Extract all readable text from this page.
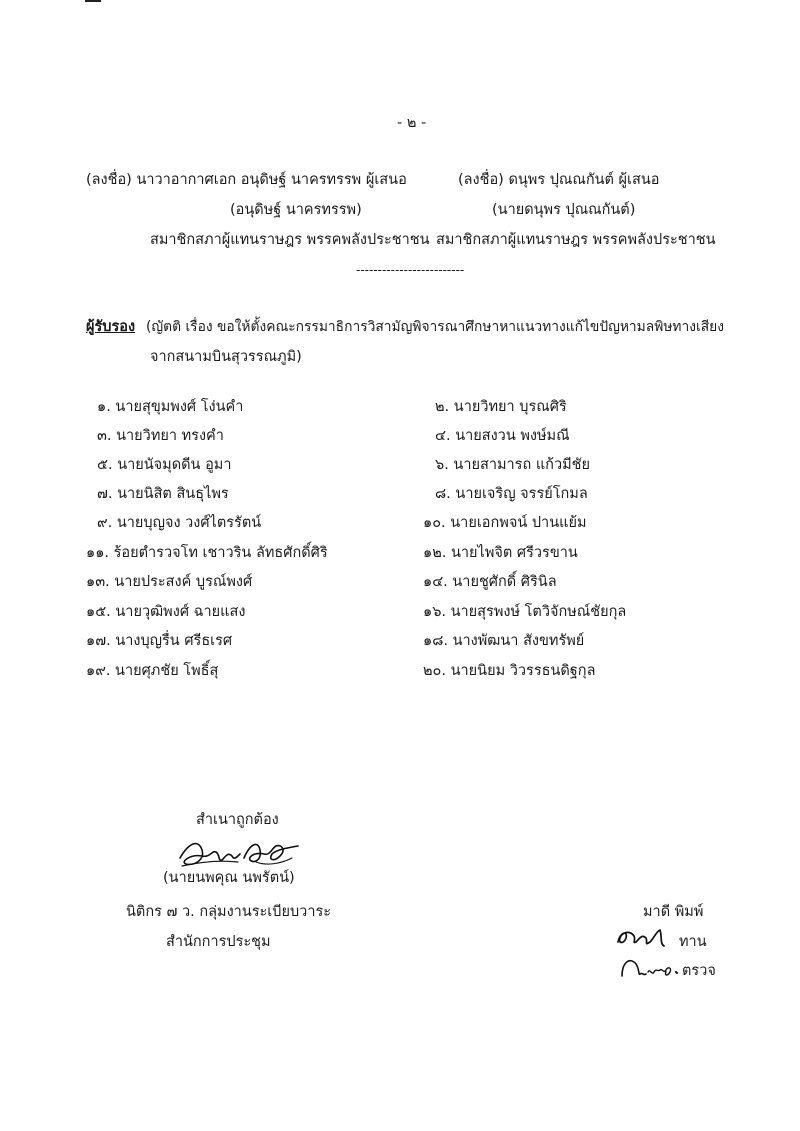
- ๒ -
(ลงชื่อ) นาวาอากาศเอก อนุดิษฐ์ นาครทรรพ ผู้เสนอ
(อนุดิษฐ์ นาครทรรพ)
สมาชิกสภาผู้แทนราษฎร พรรคพลังประชาชน
(ลงชื่อ) ดนุพร ปุณณกันต์ ผู้เสนอ
(นายดนุพร ปุณณกันต์)
สมาชิกสภาผู้แทนราษฎร พรรคพลังประชาชน
-------------------------
ผู้รับรอง (ญัตติ เรื่อง ขอให้ตั้งคณะกรรมาธิการวิสามัญพิจารณาศึกษาหาแนวทางแก้ไขปัญหามลพิษทางเสียง
จากสนามบินสุวรรณภูมิ)
๑. นายสุขุมพงศ์ โง่นคำ
๓. นายวิทยา ทรงคำ
๕. นายนัจมุดดีน อูมา
๗. นายนิสิต สินธุไพร
๙. นายบุญจง วงศ์ไตรรัตน์
๑๑. ร้อยตำรวจโท เชาวริน ลัทธศักดิ์ศิริ
๑๓. นายประสงค์ บูรณ์พงศ์
๑๕. นายวุฒิพงศ์ ฉายแสง
๑๗. นางบุญรื่น ศรีธเรศ
๑๙. นายศุภชัย โพธิ์สุ
๒. นายวิทยา บุรณศิริ
๔. นายสงวน พงษ์มณี
๖. นายสามารถ แก้วมีชัย
๘. นายเจริญ จรรย์โกมล
๑๐. นายเอกพจน์ ปานแย้ม
๑๒. นายไพจิต ศรีวรขาน
๑๔. นายชูศักดิ์ ศิรินิล
๑๖. นายสุรพงษ์ โตวิจักษณ์ชัยกุล
๑๘. นางพัฒนา สังขทรัพย์
๒๐. นายนิยม วิวรรธนดิฐกุล
สำเนาถูกต้อง
(นายนพคุณ นพรัตน์)
นิติกร ๗ ว. กลุ่มงานระเบียบวาระ
สำนักการประชุม
มาดี พิมพ์
ทาน
ตรวจ
